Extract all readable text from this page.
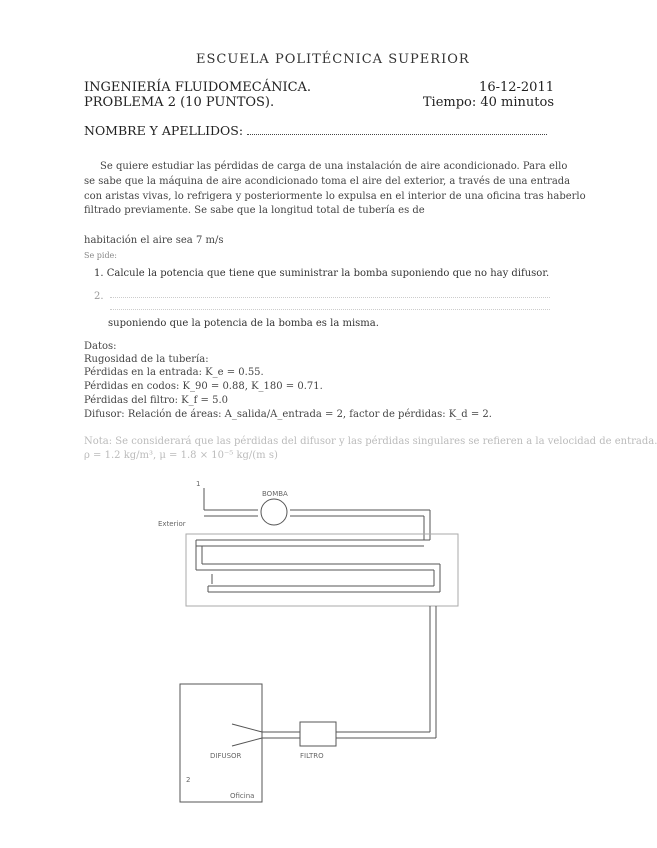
ESCUELA POLITÉCNICA SUPERIOR
INGENIERÍA FLUIDOMECÁNICA.
PROBLEMA 2 (10 PUNTOS).
16-12-2011
Tiempo: 40 minutos
NOMBRE Y APELLIDOS:
Se quiere estudiar las pérdidas de carga de una instalación de aire acondicionado. Para ello
se sabe que la máquina de aire acondicionado toma el aire del exterior, a través de una entrada
con aristas vivas, lo refrigera y posteriormente lo expulsa en el interior de una oficina tras haberlo
filtrado previamente. Se sabe que la longitud total de tubería es de

habitación el aire sea 7 m/s
Se pide:
1. Calcule la potencia que tiene que suministrar la bomba suponiendo que no hay difusor.
2.
suponiendo que la potencia de la bomba es la misma.
Datos:
Rugosidad de la tubería:
Pérdidas en la entrada: K_e = 0.55.
Pérdidas en codos: K_90 = 0.88, K_180 = 0.71.
Pérdidas del filtro: K_f = 5.0
Difusor: Relación de áreas: A_salida/A_entrada = 2, factor de pérdidas: K_d = 2.
Nota: Se considerará que las pérdidas del difusor y las pérdidas singulares se refieren a la velocidad de entrada.
ρ = 1.2 kg/m³, μ = 1.8 × 10⁻⁵ kg/(m s)
1
BOMBA
Exterior
DIFUSOR	FILTRO
2
Oficina
